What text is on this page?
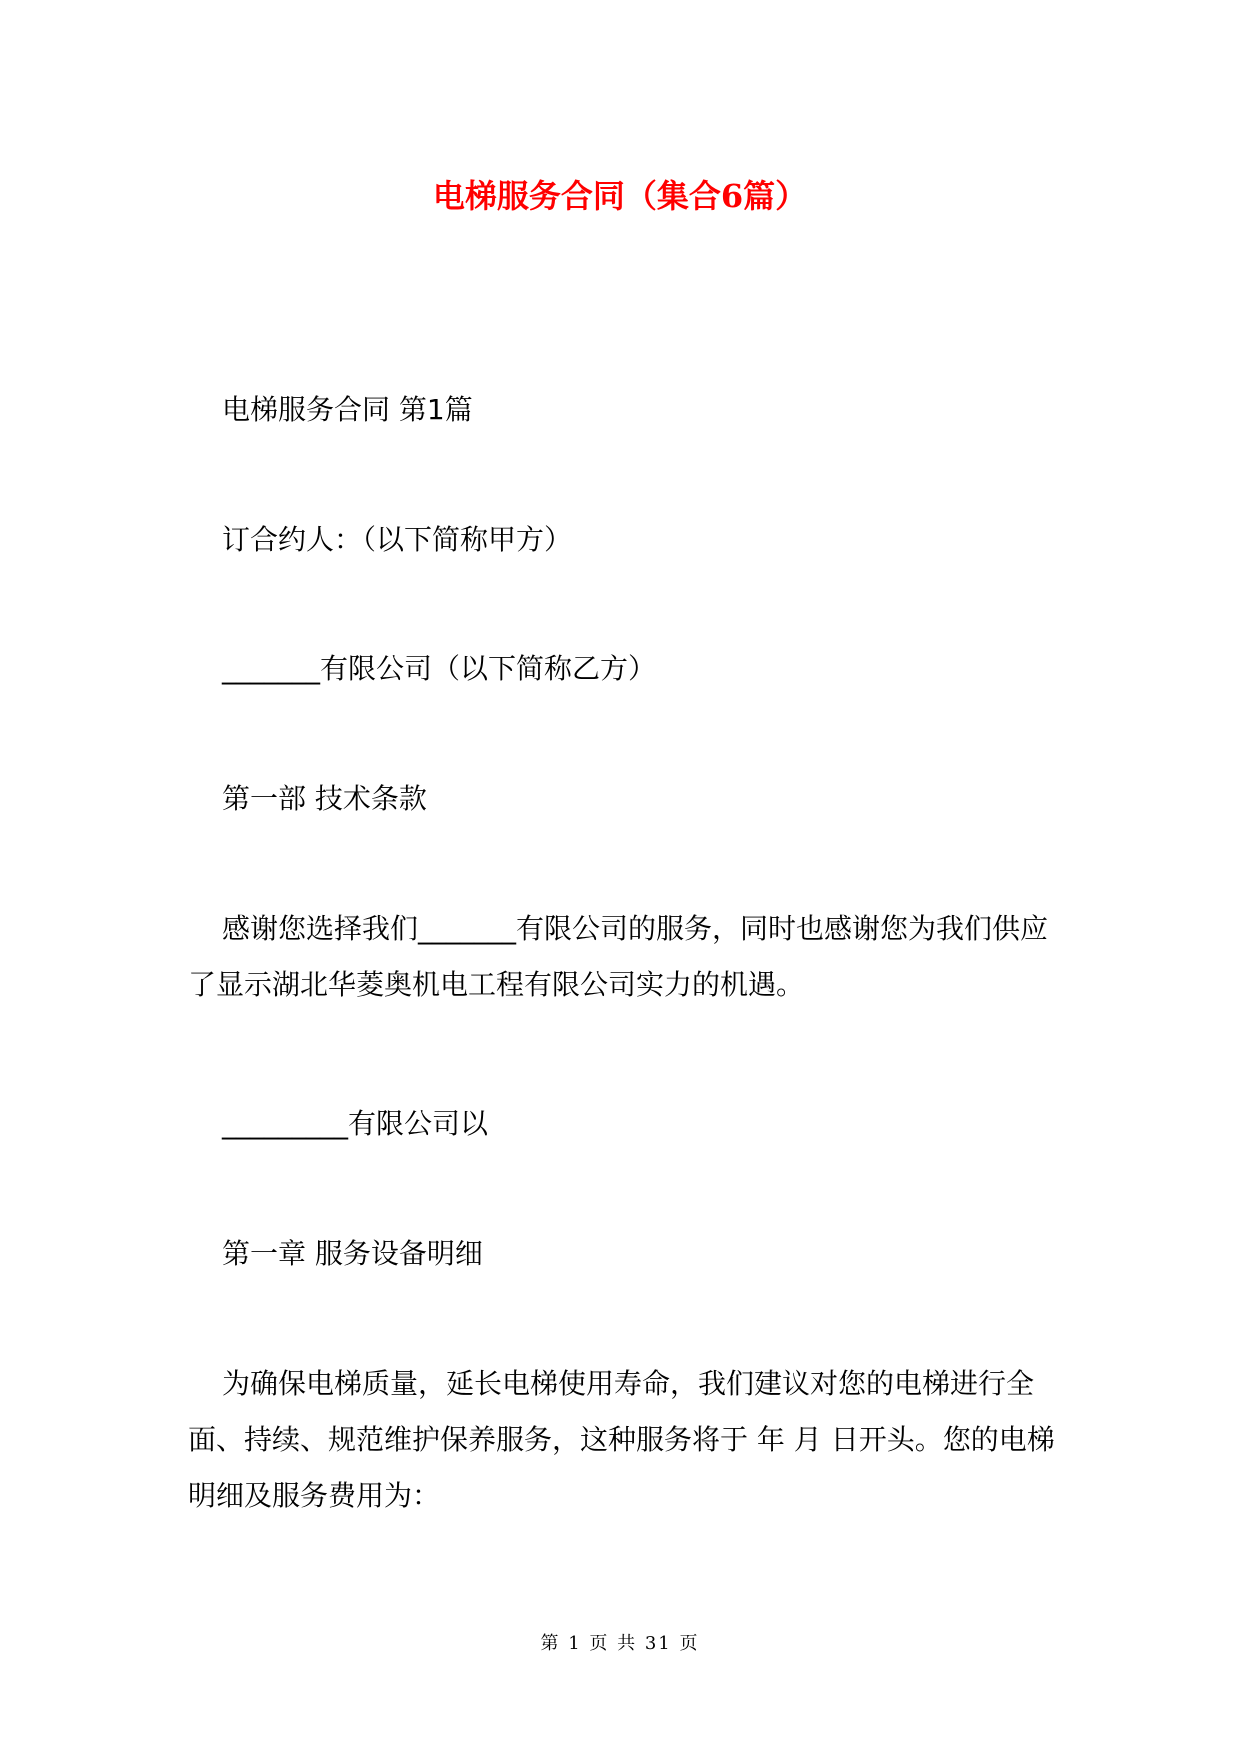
电梯服务合同（集合6篇）

电梯服务合同 第1篇

订合约人：（以下简称甲方）

_______有限公司（以下简称乙方）

第一部 技术条款

感谢您选择我们_______有限公司的服务，同时也感谢您为我们供应了显示湖北华菱奥机电工程有限公司实力的机遇。

_________有限公司以

第一章 服务设备明细

为确保电梯质量，延长电梯使用寿命，我们建议对您的电梯进行全面、持续、规范维护保养服务，这种服务将于 年 月 日开头。您的电梯明细及服务费用为：

第 1 页 共 31 页
